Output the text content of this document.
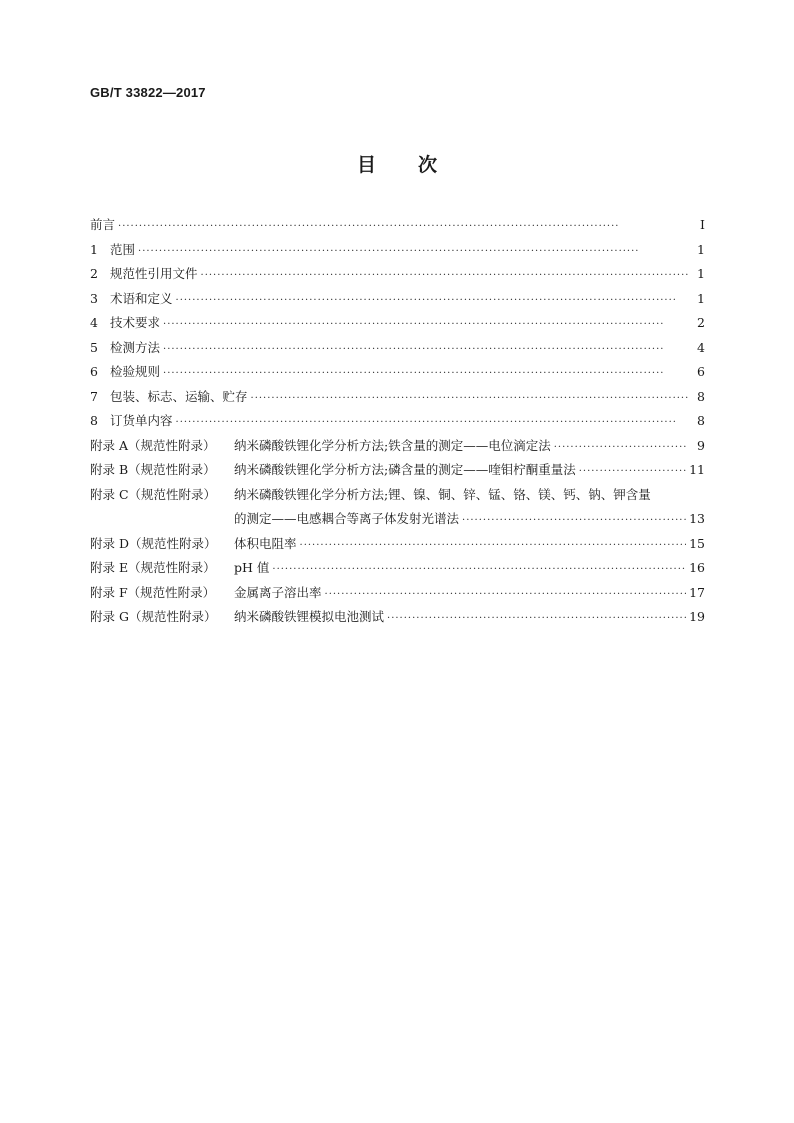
GB/T 33822—2017
目 次
前言 ·····	Ⅰ
1 范围 ·····	1
2 规范性引用文件 ·····	1
3 术语和定义 ·····	1
4 技术要求 ·····	2
5 检测方法 ·····	4
6 检验规则 ·····	6
7 包装、标志、运输、贮存 ·····	8
8 订货单内容 ·····	8
附录 A（规范性附录） 纳米磷酸铁锂化学分析方法;铁含量的测定——电位滴定法 ·····	9
附录 B（规范性附录） 纳米磷酸铁锂化学分析方法;磷含量的测定——喹钼柠酮重量法 ·····	11
附录 C（规范性附录） 纳米磷酸铁锂化学分析方法;锂、镍、铜、锌、锰、铬、镁、钙、钠、钾含量
的测定——电感耦合等离子体发射光谱法 ·····	13
附录 D（规范性附录） 体积电阻率 ·····	15
附录 E（规范性附录） pH 值 ·····	16
附录 F（规范性附录） 金属离子溶出率 ·····	17
附录 G（规范性附录） 纳米磷酸铁锂模拟电池测试 ·····	19
